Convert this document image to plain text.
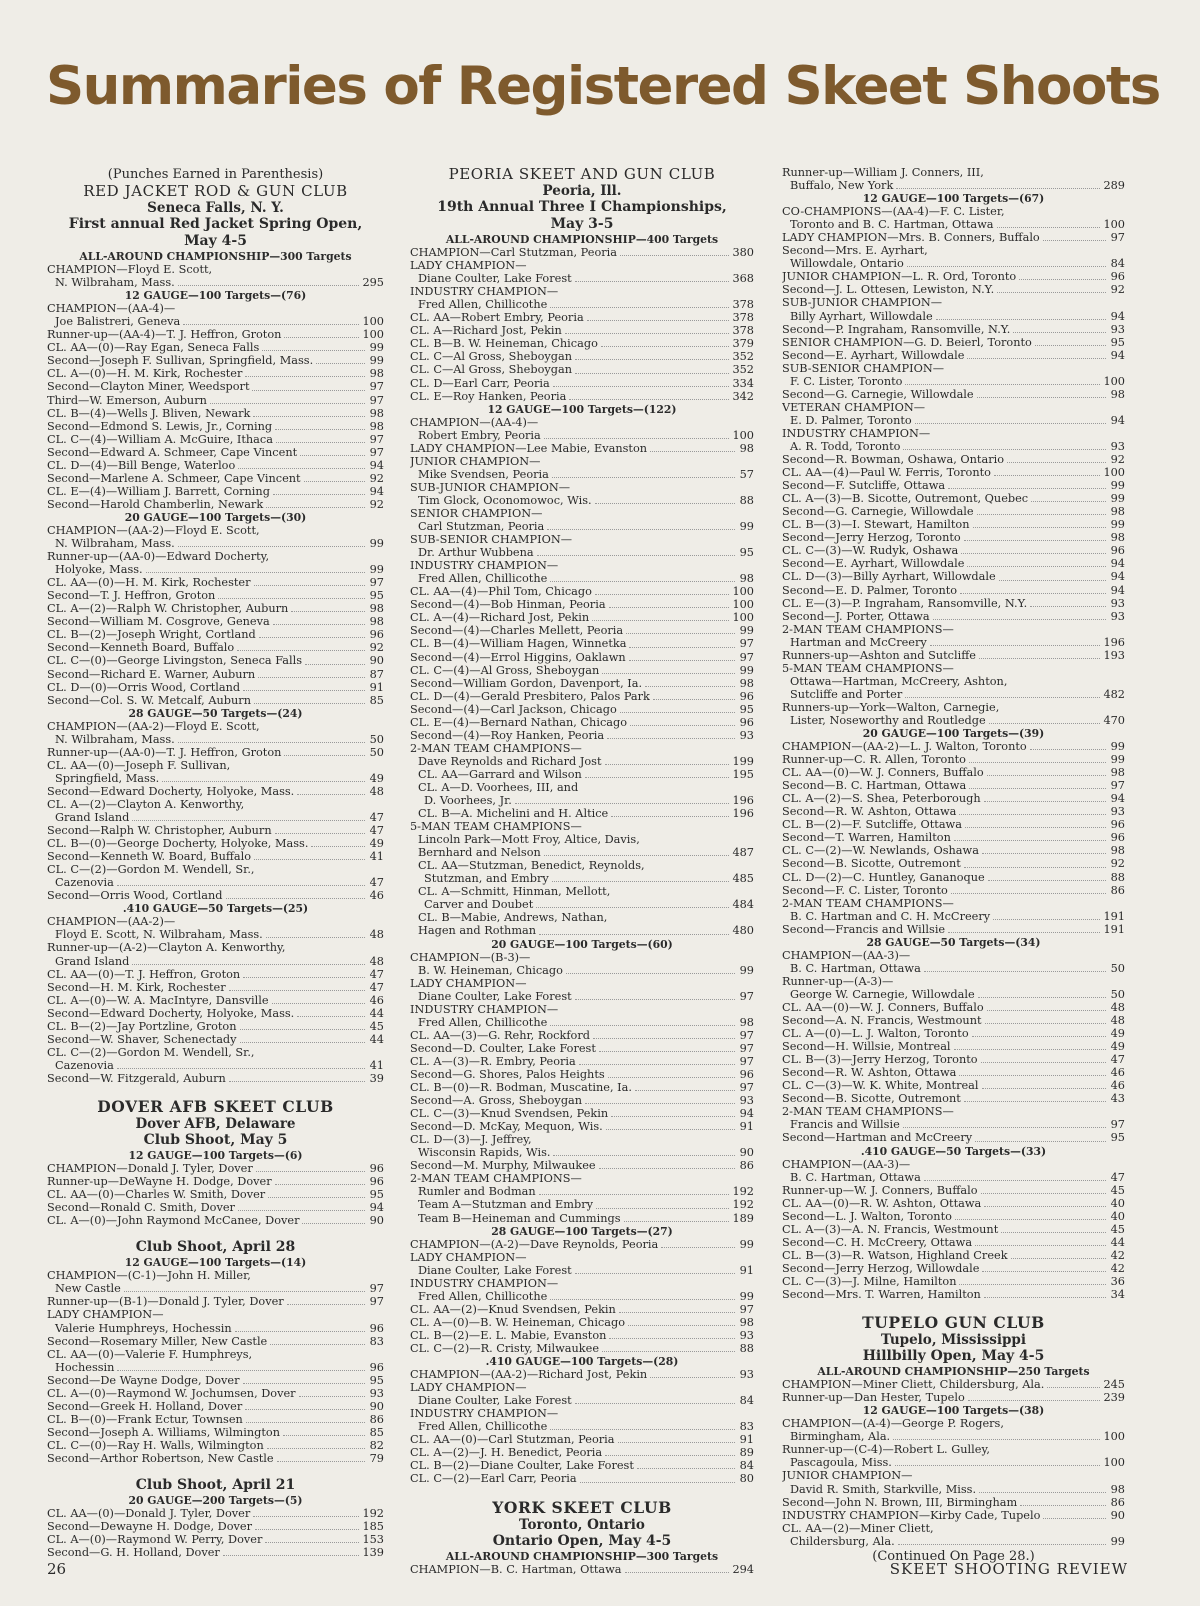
Summaries of Registered Skeet Shoots
(Punches Earned in Parenthesis)
RED JACKET ROD & GUN CLUB
Seneca Falls, N. Y.
First annual Red Jacket Spring Open,
May 4-5
ALL-AROUND CHAMPIONSHIP—300 Targets
CHAMPION—Floyd E. Scott,
N. Wilbraham, Mass.	295
12 GAUGE—100 Targets—(76)
CHAMPION—(AA-4)—
Joe Balistreri, Geneva	100
Runner-up—(AA-4)—T. J. Heffron, Groton	100
CL. AA—(0)—Ray Egan, Seneca Falls	99
Second—Joseph F. Sullivan, Springfield, Mass.	99
CL. A—(0)—H. M. Kirk, Rochester	98
Second—Clayton Miner, Weedsport	97
Third—W. Emerson, Auburn	97
CL. B—(4)—Wells J. Bliven, Newark	98
Second—Edmond S. Lewis, Jr., Corning	98
CL. C—(4)—William A. McGuire, Ithaca	97
Second—Edward A. Schmeer, Cape Vincent	97
CL. D—(4)—Bill Benge, Waterloo	94
Second—Marlene A. Schmeer, Cape Vincent	92
CL. E—(4)—William J. Barrett, Corning	94
Second—Harold Chamberlin, Newark	92
20 GAUGE—100 Targets—(30)
CHAMPION—(AA-2)—Floyd E. Scott,
N. Wilbraham, Mass.	99
Runner-up—(AA-0)—Edward Docherty,
Holyoke, Mass.	99
CL. AA—(0)—H. M. Kirk, Rochester	97
Second—T. J. Heffron, Groton	95
CL. A—(2)—Ralph W. Christopher, Auburn	98
Second—William M. Cosgrove, Geneva	98
CL. B—(2)—Joseph Wright, Cortland	96
Second—Kenneth Board, Buffalo	92
CL. C—(0)—George Livingston, Seneca Falls	90
Second—Richard E. Warner, Auburn	87
CL. D—(0)—Orris Wood, Cortland	91
Second—Col. S. W. Metcalf, Auburn	85
28 GAUGE—50 Targets—(24)
CHAMPION—(AA-2)—Floyd E. Scott,
N. Wilbraham, Mass.	50
Runner-up—(AA-0)—T. J. Heffron, Groton	50
CL. AA—(0)—Joseph F. Sullivan,
Springfield, Mass.	49
Second—Edward Docherty, Holyoke, Mass.	48
CL. A—(2)—Clayton A. Kenworthy,
Grand Island	47
Second—Ralph W. Christopher, Auburn	47
CL. B—(0)—George Docherty, Holyoke, Mass.	49
Second—Kenneth W. Board, Buffalo	41
CL. C—(2)—Gordon M. Wendell, Sr.,
Cazenovia	47
Second—Orris Wood, Cortland	46
.410 GAUGE—50 Targets—(25)
CHAMPION—(AA-2)—
Floyd E. Scott, N. Wilbraham, Mass.	48
Runner-up—(A-2)—Clayton A. Kenworthy,
Grand Island	48
CL. AA—(0)—T. J. Heffron, Groton	47
Second—H. M. Kirk, Rochester	47
CL. A—(0)—W. A. MacIntyre, Dansville	46
Second—Edward Docherty, Holyoke, Mass.	44
CL. B—(2)—Jay Portzline, Groton	45
Second—W. Shaver, Schenectady	44
CL. C—(2)—Gordon M. Wendell, Sr.,
Cazenovia	41
Second—W. Fitzgerald, Auburn	39
DOVER AFB SKEET CLUB
Dover AFB, Delaware
Club Shoot, May 5
12 GAUGE—100 Targets—(6)
CHAMPION—Donald J. Tyler, Dover	96
Runner-up—DeWayne H. Dodge, Dover	96
CL. AA—(0)—Charles W. Smith, Dover	95
Second—Ronald C. Smith, Dover	94
CL. A—(0)—John Raymond McCanee, Dover	90
Club Shoot, April 28
12 GAUGE—100 Targets—(14)
CHAMPION—(C-1)—John H. Miller,
New Castle	97
Runner-up—(B-1)—Donald J. Tyler, Dover	97
LADY CHAMPION—
Valerie Humphreys, Hochessin	96
Second—Rosemary Miller, New Castle	83
CL. AA—(0)—Valerie F. Humphreys,
Hochessin	96
Second—De Wayne Dodge, Dover	95
CL. A—(0)—Raymond W. Jochumsen, Dover	93
Second—Greek H. Holland, Dover	90
CL. B—(0)—Frank Ectur, Townsen	86
Second—Joseph A. Williams, Wilmington	85
CL. C—(0)—Ray H. Walls, Wilmington	82
Second—Arthor Robertson, New Castle	79
Club Shoot, April 21
20 GAUGE—200 Targets—(5)
CL. AA—(0)—Donald J. Tyler, Dover	192
Second—Dewayne H. Dodge, Dover	185
CL. A—(0)—Raymond W. Perry, Dover	153
Second—G. H. Holland, Dover	139
PEORIA SKEET AND GUN CLUB
Peoria, Ill.
19th Annual Three I Championships,
May 3-5
ALL-AROUND CHAMPIONSHIP—400 Targets
CHAMPION—Carl Stutzman, Peoria	380
LADY CHAMPION—
Diane Coulter, Lake Forest	368
INDUSTRY CHAMPION—
Fred Allen, Chillicothe	378
CL. AA—Robert Embry, Peoria	378
CL. A—Richard Jost, Pekin	378
CL. B—B. W. Heineman, Chicago	379
CL. C—Al Gross, Sheboygan	352
CL. C—Al Gross, Sheboygan	352
CL. D—Earl Carr, Peoria	334
CL. E—Roy Hanken, Peoria	342
12 GAUGE—100 Targets—(122)
CHAMPION—(AA-4)—
Robert Embry, Peoria	100
LADY CHAMPION—Lee Mabie, Evanston	98
JUNIOR CHAMPION—
Mike Svendsen, Peoria	57
SUB-JUNIOR CHAMPION—
Tim Glock, Oconomowoc, Wis.	88
SENIOR CHAMPION—
Carl Stutzman, Peoria	99
SUB-SENIOR CHAMPION—
Dr. Arthur Wubbena	95
INDUSTRY CHAMPION—
Fred Allen, Chillicothe	98
CL. AA—(4)—Phil Tom, Chicago	100
Second—(4)—Bob Hinman, Peoria	100
CL. A—(4)—Richard Jost, Pekin	100
Second—(4)—Charles Mellett, Peoria	99
CL. B—(4)—William Hagen, Winnetka	97
Second—(4)—Errol Higgins, Oaklawn	97
CL. C—(4)—Al Gross, Sheboygan	99
Second—William Gordon, Davenport, Ia.	98
CL. D—(4)—Gerald Presbitero, Palos Park	96
Second—(4)—Carl Jackson, Chicago	95
CL. E—(4)—Bernard Nathan, Chicago	96
Second—(4)—Roy Hanken, Peoria	93
2-MAN TEAM CHAMPIONS—
Dave Reynolds and Richard Jost	199
CL. AA—Garrard and Wilson	195
CL. A—D. Voorhees, III, and
D. Voorhees, Jr.	196
CL. B—A. Michelini and H. Altice	196
5-MAN TEAM CHAMPIONS—
Lincoln Park—Mott Froy, Altice, Davis,
Bernhard and Nelson	487
CL. AA—Stutzman, Benedict, Reynolds,
Stutzman, and Embry	485
CL. A—Schmitt, Hinman, Mellott,
Carver and Doubet	484
CL. B—Mabie, Andrews, Nathan,
Hagen and Rothman	480
20 GAUGE—100 Targets—(60)
CHAMPION—(B-3)—
B. W. Heineman, Chicago	99
LADY CHAMPION—
Diane Coulter, Lake Forest	97
INDUSTRY CHAMPION—
Fred Allen, Chillicothe	98
CL. AA—(3)—G. Rehr, Rockford	97
Second—D. Coulter, Lake Forest	97
CL. A—(3)—R. Embry, Peoria	97
Second—G. Shores, Palos Heights	96
CL. B—(0)—R. Bodman, Muscatine, Ia.	97
Second—A. Gross, Sheboygan	93
CL. C—(3)—Knud Svendsen, Pekin	94
Second—D. McKay, Mequon, Wis.	91
CL. D—(3)—J. Jeffrey,
Wisconsin Rapids, Wis.	90
Second—M. Murphy, Milwaukee	86
2-MAN TEAM CHAMPIONS—
Rumler and Bodman	192
Team A—Stutzman and Embry	192
Team B—Heineman and Cummings	189
28 GAUGE—100 Targets—(27)
CHAMPION—(A-2)—Dave Reynolds, Peoria	99
LADY CHAMPION—
Diane Coulter, Lake Forest	91
INDUSTRY CHAMPION—
Fred Allen, Chillicothe	99
CL. AA—(2)—Knud Svendsen, Pekin	97
CL. A—(0)—B. W. Heineman, Chicago	98
CL. B—(2)—E. L. Mabie, Evanston	93
CL. C—(2)—R. Cristy, Milwaukee	88
.410 GAUGE—100 Targets—(28)
CHAMPION—(AA-2)—Richard Jost, Pekin	93
LADY CHAMPION—
Diane Coulter, Lake Forest	84
INDUSTRY CHAMPION—
Fred Allen, Chillicothe	83
CL. AA—(0)—Carl Stutzman, Peoria	91
CL. A—(2)—J. H. Benedict, Peoria	89
CL. B—(2)—Diane Coulter, Lake Forest	84
CL. C—(2)—Earl Carr, Peoria	80
YORK SKEET CLUB
Toronto, Ontario
Ontario Open, May 4-5
ALL-AROUND CHAMPIONSHIP—300 Targets
CHAMPION—B. C. Hartman, Ottawa	294
Runner-up—William J. Conners, III,
Buffalo, New York	289
12 GAUGE—100 Targets—(67)
CO-CHAMPIONS—(AA-4)—F. C. Lister,
Toronto and B. C. Hartman, Ottawa	100
LADY CHAMPION—Mrs. B. Conners, Buffalo	97
Second—Mrs. E. Ayrhart,
Willowdale, Ontario	84
JUNIOR CHAMPION—L. R. Ord, Toronto	96
Second—J. L. Ottesen, Lewiston, N.Y.	92
SUB-JUNIOR CHAMPION—
Billy Ayrhart, Willowdale	94
Second—P. Ingraham, Ransomville, N.Y.	93
SENIOR CHAMPION—G. D. Beierl, Toronto	95
Second—E. Ayrhart, Willowdale	94
SUB-SENIOR CHAMPION—
F. C. Lister, Toronto	100
Second—G. Carnegie, Willowdale	98
VETERAN CHAMPION—
E. D. Palmer, Toronto	94
INDUSTRY CHAMPION—
A. R. Todd, Toronto	93
Second—R. Bowman, Oshawa, Ontario	92
CL. AA—(4)—Paul W. Ferris, Toronto	100
Second—F. Sutcliffe, Ottawa	99
CL. A—(3)—B. Sicotte, Outremont, Quebec	99
Second—G. Carnegie, Willowdale	98
CL. B—(3)—I. Stewart, Hamilton	99
Second—Jerry Herzog, Toronto	98
CL. C—(3)—W. Rudyk, Oshawa	96
Second—E. Ayrhart, Willowdale	94
CL. D—(3)—Billy Ayrhart, Willowdale	94
Second—E. D. Palmer, Toronto	94
CL. E—(3)—P. Ingraham, Ransomville, N.Y.	93
Second—J. Porter, Ottawa	93
2-MAN TEAM CHAMPIONS—
Hartman and McCreery	196
Runners-up—Ashton and Sutcliffe	193
5-MAN TEAM CHAMPIONS—
Ottawa—Hartman, McCreery, Ashton,
Sutcliffe and Porter	482
Runners-up—York—Walton, Carnegie,
Lister, Noseworthy and Routledge	470
20 GAUGE—100 Targets—(39)
CHAMPION—(AA-2)—L. J. Walton, Toronto	99
Runner-up—C. R. Allen, Toronto	99
CL. AA—(0)—W. J. Conners, Buffalo	98
Second—B. C. Hartman, Ottawa	97
CL. A—(2)—S. Shea, Peterborough	94
Second—R. W. Ashton, Ottawa	93
CL. B—(2)—F. Sutcliffe, Ottawa	96
Second—T. Warren, Hamilton	96
CL. C—(2)—W. Newlands, Oshawa	98
Second—B. Sicotte, Outremont	92
CL. D—(2)—C. Huntley, Gananoque	88
Second—F. C. Lister, Toronto	86
2-MAN TEAM CHAMPIONS—
B. C. Hartman and C. H. McCreery	191
Second—Francis and Willsie	191
28 GAUGE—50 Targets—(34)
CHAMPION—(AA-3)—
B. C. Hartman, Ottawa	50
Runner-up—(A-3)—
George W. Carnegie, Willowdale	50
CL. AA—(0)—W. J. Conners, Buffalo	48
Second—A. N. Francis, Westmount	48
CL. A—(0)—L. J. Walton, Toronto	49
Second—H. Willsie, Montreal	49
CL. B—(3)—Jerry Herzog, Toronto	47
Second—R. W. Ashton, Ottawa	46
CL. C—(3)—W. K. White, Montreal	46
Second—B. Sicotte, Outremont	43
2-MAN TEAM CHAMPIONS—
Francis and Willsie	97
Second—Hartman and McCreery	95
.410 GAUGE—50 Targets—(33)
CHAMPION—(AA-3)—
B. C. Hartman, Ottawa	47
Runner-up—W. J. Conners, Buffalo	45
CL. AA—(0)—R. W. Ashton, Ottawa	40
Second—L. J. Walton, Toronto	40
CL. A—(3)—A. N. Francis, Westmount	45
Second—C. H. McCreery, Ottawa	44
CL. B—(3)—R. Watson, Highland Creek	42
Second—Jerry Herzog, Willowdale	42
CL. C—(3)—J. Milne, Hamilton	36
Second—Mrs. T. Warren, Hamilton	34
TUPELO GUN CLUB
Tupelo, Mississippi
Hillbilly Open, May 4-5
ALL-AROUND CHAMPIONSHIP—250 Targets
CHAMPION—Miner Cliett, Childersburg, Ala.	245
Runner-up—Dan Hester, Tupelo	239
12 GAUGE—100 Targets—(38)
CHAMPION—(A-4)—George P. Rogers,
Birmingham, Ala.	100
Runner-up—(C-4)—Robert L. Gulley,
Pascagoula, Miss.	100
JUNIOR CHAMPION—
David R. Smith, Starkville, Miss.	98
Second—John N. Brown, III, Birmingham	86
INDUSTRY CHAMPION—Kirby Cade, Tupelo	90
CL. AA—(2)—Miner Cliett,
Childersburg, Ala.	99
(Continued On Page 28.)
26	SKEET SHOOTING REVIEW
